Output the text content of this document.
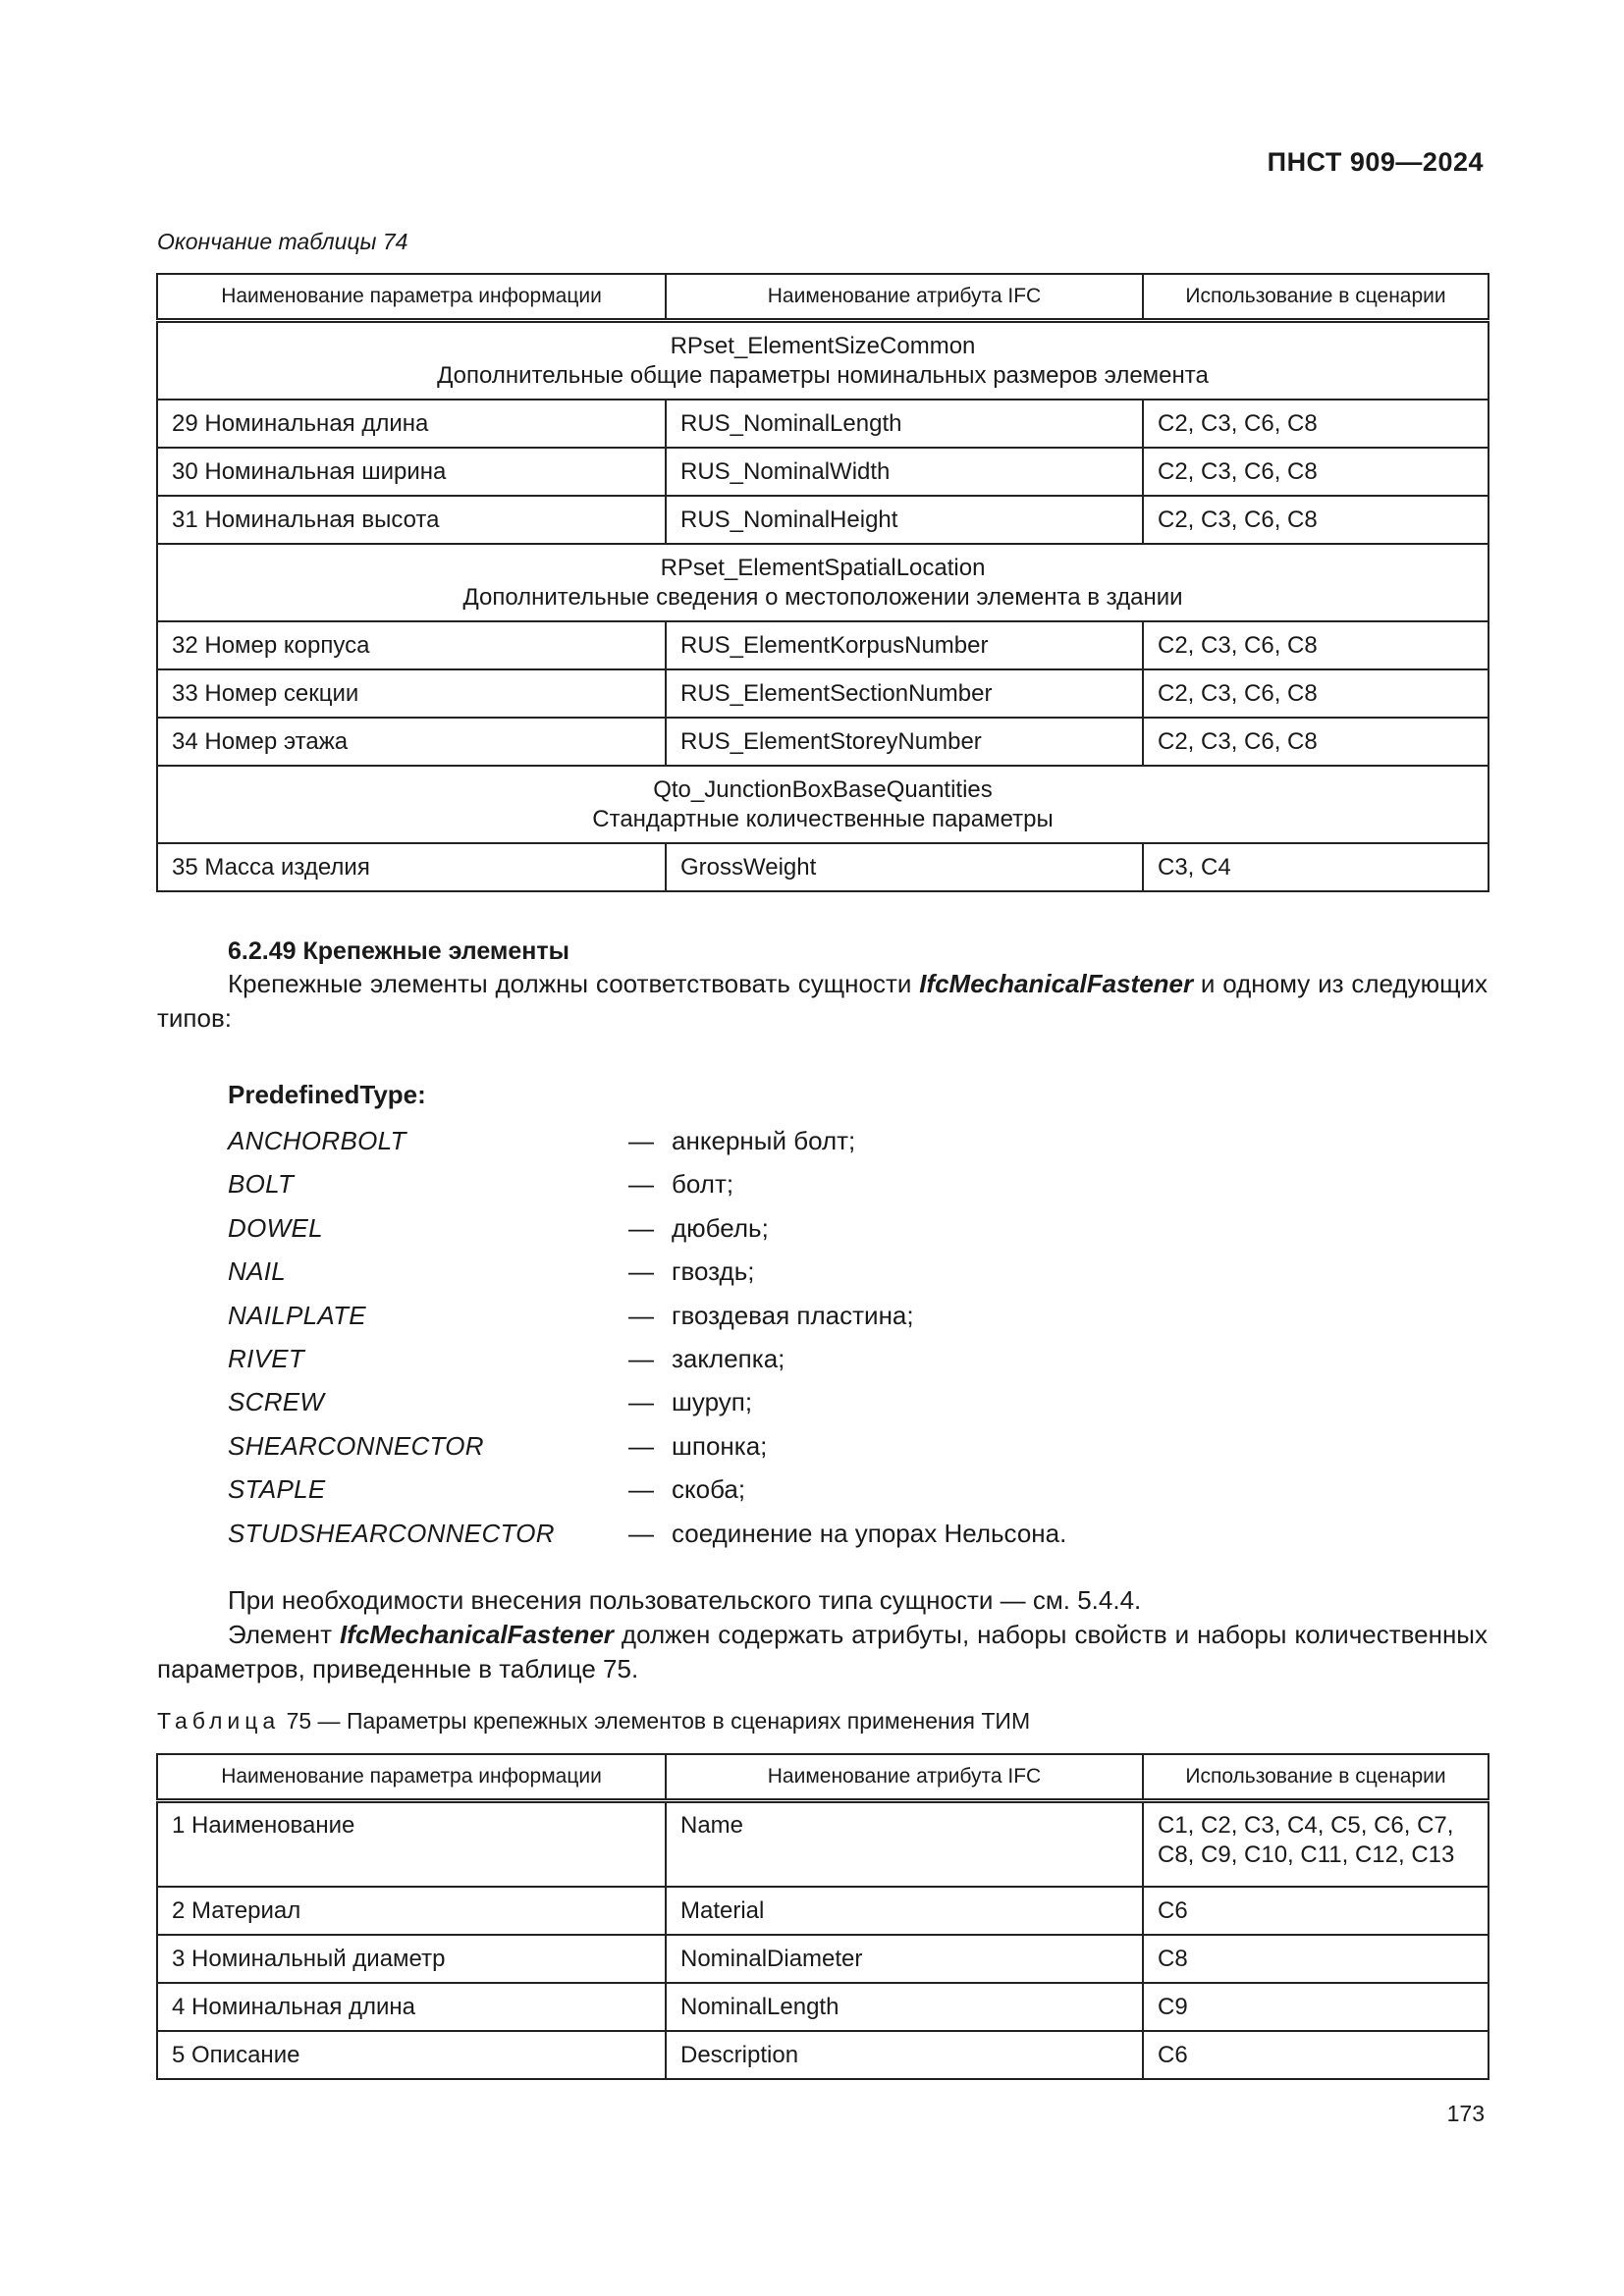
ПНСТ 909—2024
Окончание таблицы 74
Наименование параметра информации	Наименование атрибута IFC	Использование в сценарии

RPset_ElementSizeCommon
Дополнительные общие параметры номинальных размеров элемента		

29 Номинальная длина	RUS_NominalLength	C2, C3, C6, C8
30 Номинальная ширина	RUS_NominalWidth	C2, C3, C6, C8
31 Номинальная высота	RUS_NominalHeight	C2, C3, C6, C8

RPset_ElementSpatialLocation
Дополнительные сведения о местоположении элемента в здании		

32 Номер корпуса	RUS_ElementKorpusNumber	C2, C3, C6, C8
33 Номер секции	RUS_ElementSectionNumber	C2, C3, C6, C8
34 Номер этажа	RUS_ElementStoreyNumber	C2, C3, C6, C8

Qto_JunctionBoxBaseQuantities
Стандартные количественные параметры		

35 Масса изделия	GrossWeight	C3, C4
6.2.49 Крепежные элементы
Крепежные элементы должны соответствовать сущности IfcMechanicalFastener и одному из следующих типов:
PredefinedType:
ANCHORBOLT	— анкерный болт;
BOLT	— болт;
DOWEL	— дюбель;
NAIL	— гвоздь;
NAILPLATE	— гвоздевая пластина;
RIVET	— заклепка;
SCREW	— шуруп;
SHEARCONNECTOR	— шпонка;
STAPLE	— скоба;
STUDSHEARCONNECTOR	— соединение на упорах Нельсона.
При необходимости внесения пользовательского типа сущности — см. 5.4.4.
Элемент IfcMechanicalFastener должен содержать атрибуты, наборы свойств и наборы количественных параметров, приведенные в таблице 75.
Таблица 75 — Параметры крепежных элементов в сценариях применения ТИМ
Наименование параметра информации	Наименование атрибута IFC	Использование в сценарии
1 Наименование	Name	C1, C2, C3, C4, C5, C6, C7, C8, C9, C10, C11, C12, C13
2 Материал	Material	C6
3 Номинальный диаметр	NominalDiameter	C8
4 Номинальная длина	NominalLength	C9
5 Описание	Description	C6
173
